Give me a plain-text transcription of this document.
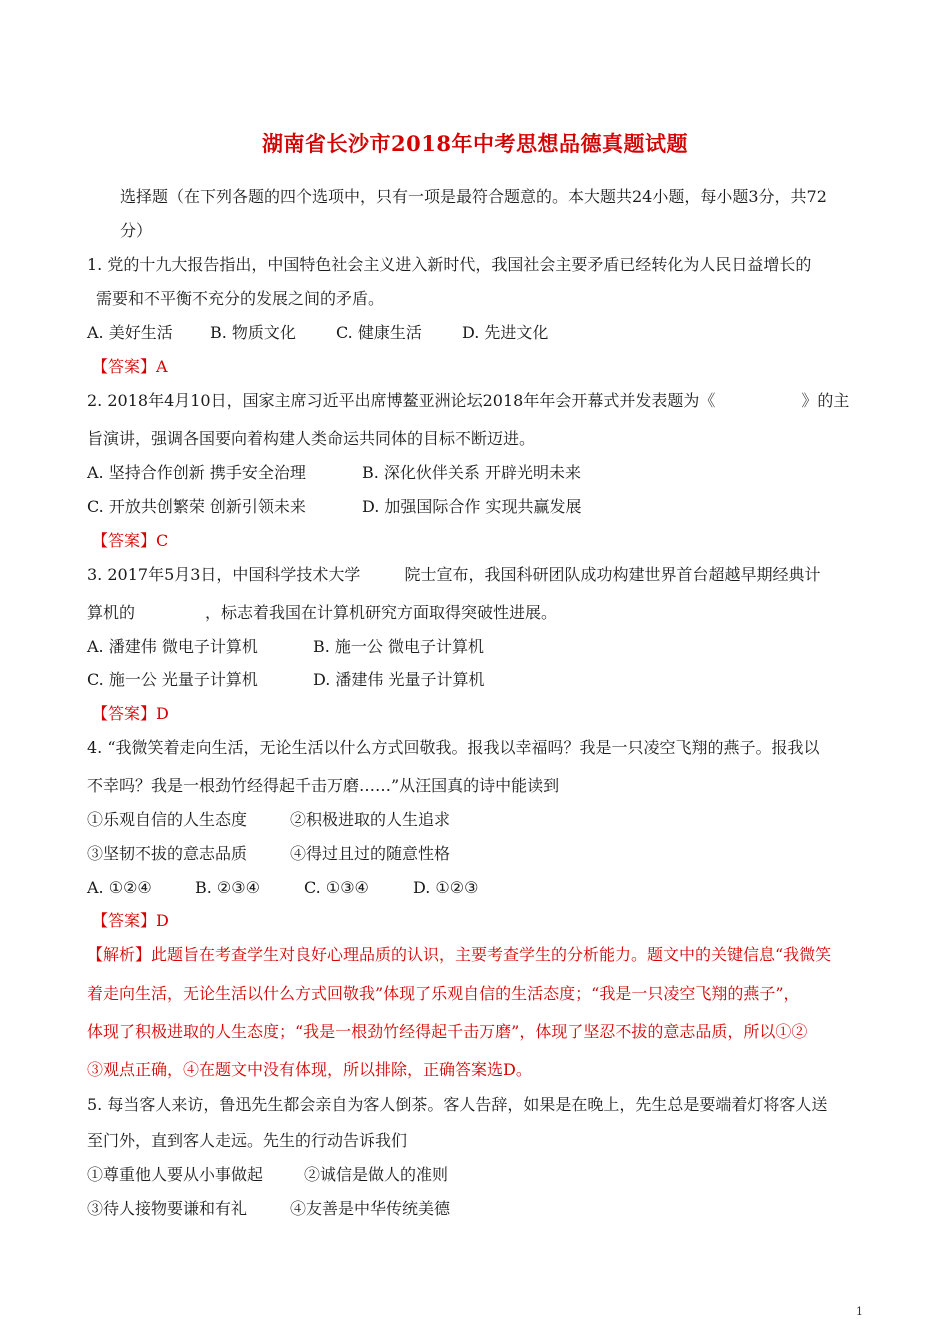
湖南省长沙市2018年中考思想品德真题试题
选择题（在下列各题的四个选项中，只有一项是最符合题意的。本大题共24小题，每小题3分，共72
分）
1. 党的十九大报告指出，中国特色社会主义进入新时代，我国社会主要矛盾已经转化为人民日益增长的
需要和不平衡不充分的发展之间的矛盾。
A. 美好生活 B. 物质文化	C. 健康生活	D. 先进文化
【答案】A
2. 2018年4月10日，国家主席习近平出席博鳌亚洲论坛2018年年会开幕式并发表题为《	》的主
旨演讲，强调各国要向着构建人类命运共同体的目标不断迈进。
A. 坚持合作创新 携手安全治理	B. 深化伙伴关系 开辟光明未来
C. 开放共创繁荣 创新引领未来	D. 加强国际合作 实现共赢发展
【答案】C
3. 2017年5月3日，中国科学技术大学	院士宣布，我国科研团队成功构建世界首台超越早期经典计
算机的	，标志着我国在计算机研究方面取得突破性进展。
A. 潘建伟 微电子计算机	B. 施一公 微电子计算机
C. 施一公 光量子计算机	D. 潘建伟 光量子计算机
【答案】D
4. “我微笑着走向生活，无论生活以什么方式回敬我。报我以幸福吗？我是一只凌空飞翔的燕子。报我以
不幸吗？我是一根劲竹经得起千击万磨……”从汪国真的诗中能读到
①乐观自信的人生态度	②积极进取的人生追求
③坚韧不拔的意志品质	④得过且过的随意性格
A. ①②④	B. ②③④	C. ①③④	D. ①②③
【答案】D
【解析】此题旨在考查学生对良好心理品质的认识，主要考查学生的分析能力。题文中的关键信息“我微笑
着走向生活，无论生活以什么方式回敬我”体现了乐观自信的生活态度；“我是一只凌空飞翔的燕子”，
体现了积极进取的人生态度；“我是一根劲竹经得起千击万磨”，体现了坚忍不拔的意志品质，所以①②
③观点正确，④在题文中没有体现，所以排除，正确答案选D。
5. 每当客人来访，鲁迅先生都会亲自为客人倒茶。客人告辞，如果是在晚上，先生总是要端着灯将客人送
至门外，直到客人走远。先生的行动告诉我们
①尊重他人要从小事做起	②诚信是做人的准则
③待人接物要谦和有礼	④友善是中华传统美德
1
